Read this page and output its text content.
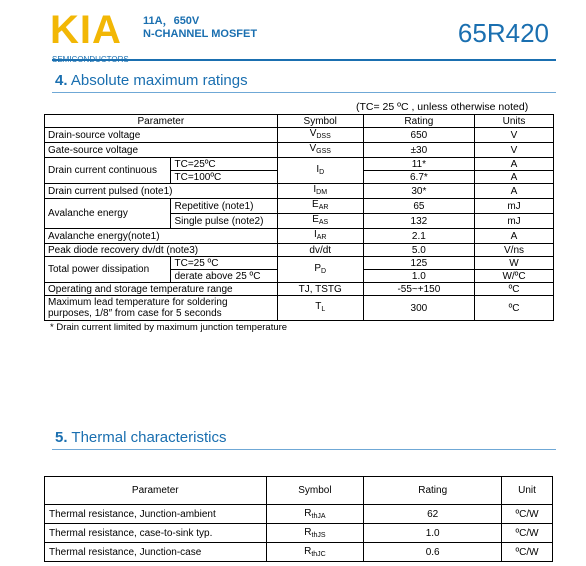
KIA 11A，650V
N-CHANNEL MOSFET	65R420
4. Absolute maximum ratings
(TC= 25 ºC , unless otherwise noted)
Parameter		Symbol	Rating	Units
Drain-source voltage		$V_{DSS}$	650	V
Gate-source voltage		$V_{GSS}$	±30	V
Drain current continuous	TC=25ºC	$I_D$	11*	A
	TC=100ºC		6.7*	A
Drain current pulsed (note1)		$I_{DM}$	30*	A
Avalanche energy	Repetitive (note1)	$E_{AR}$	65	mJ
	Single pulse (note2)	$E_{AS}$	132	mJ
Avalanche energy(note1)		$I_{AR}$	2.1	A
Peak diode recovery dv/dt (note3)		dv/dt	5.0	V/ns
Total power dissipation	TC=25 ºC	$P_D$	125	W
	derate above 25 ºC		1.0	W/ºC
Operating and storage temperature range		TJ, TSTG	-55~+150	ºC
Maximum lead temperature for soldering purposes, 1/8″ from case for 5 seconds		$T_L$	300	ºC
* Drain current limited by maximum junction temperature
5. Thermal characteristics
Parameter	Symbol	Rating	Unit
Thermal resistance, Junction-ambient	$R_{thJA}$	62	ºC/W
Thermal resistance, case-to-sink typ.	$R_{thJS}$	1.0	ºC/W
Thermal resistance, Junction-case	$R_{thJC}$	0.6	ºC/W
